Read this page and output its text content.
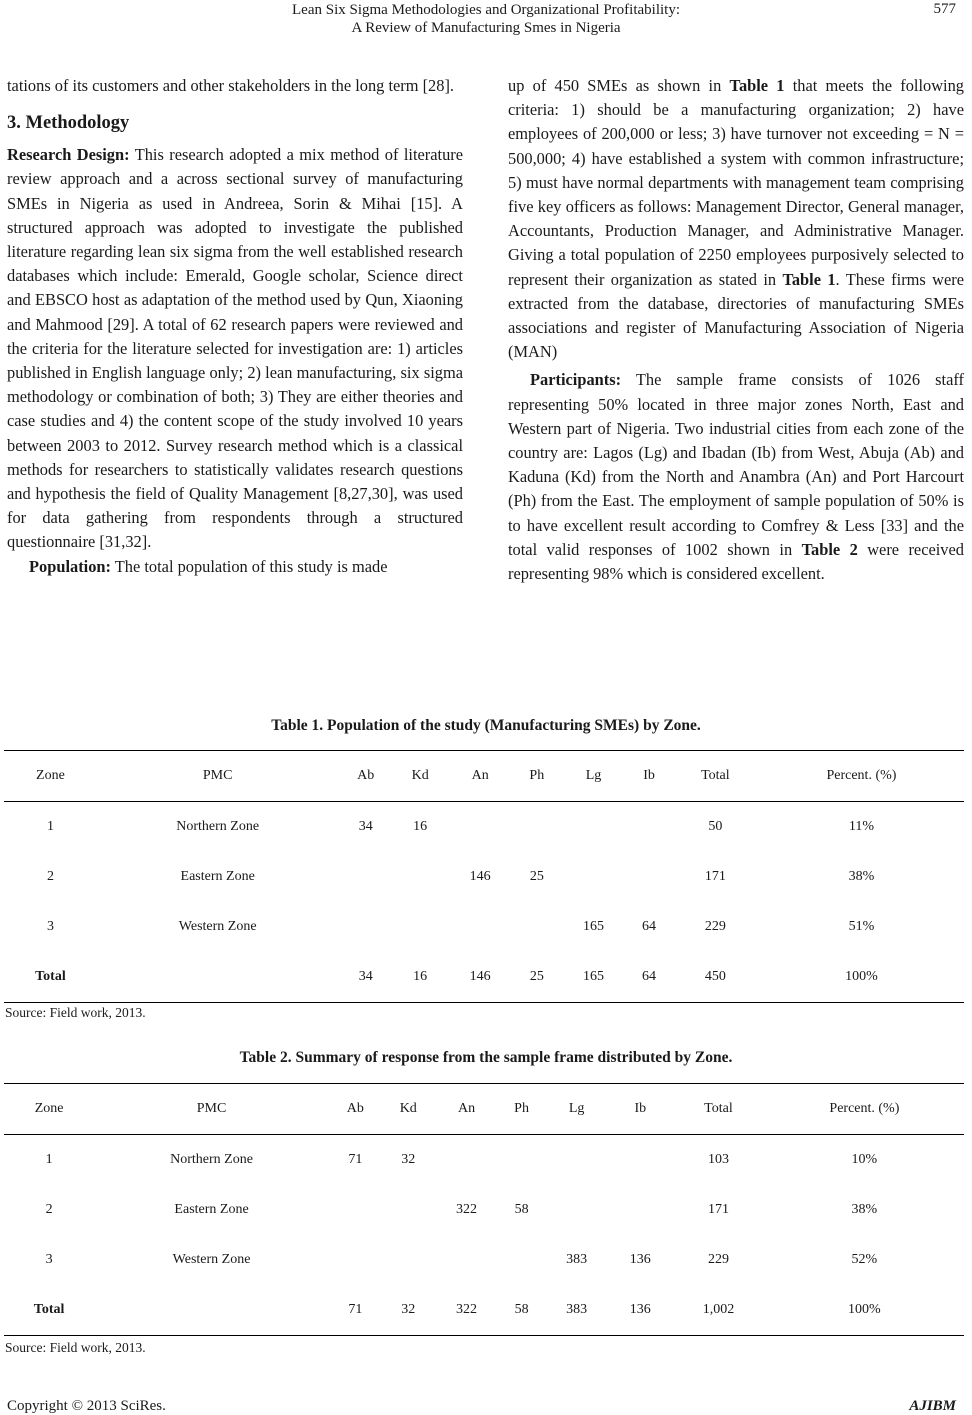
Lean Six Sigma Methodologies and Organizational Profitability:
A Review of Manufacturing Smes in Nigeria
577

tations of its customers and other stakeholders in the long term [28].

3. Methodology

Research Design: This research adopted a mix method of literature review approach and a across sectional survey of manufacturing SMEs in Nigeria as used in Andreea, Sorin & Mihai [15]. A structured approach was adopted to investigate the published literature regarding lean six sigma from the well established research databases which include: Emerald, Google scholar, Science direct and EBSCO host as adaptation of the method used by Qun, Xiaoning and Mahmood [29]. A total of 62 research papers were reviewed and the criteria for the literature selected for investigation are: 1) articles published in English language only; 2) lean manufacturing, six sigma methodology or combination of both; 3) They are either theories and case studies and 4) the content scope of the study involved 10 years between 2003 to 2012. Survey research method which is a classical methods for researchers to statistically validates research questions and hypothesis the field of Quality Management [8,27,30], was used for data gathering from respondents through a structured questionnaire [31,32].

Population: The total population of this study is made

up of 450 SMEs as shown in Table 1 that meets the following criteria: 1) should be a manufacturing organization; 2) have employees of 200,000 or less; 3) have turnover not exceeding = N = 500,000; 4) have established a system with common infrastructure; 5) must have normal departments with management team comprising five key officers as follows: Management Director, General manager, Accountants, Production Manager, and Administrative Manager. Giving a total population of 2250 employees purposively selected to represent their organization as stated in Table 1. These firms were extracted from the database, directories of manufacturing SMEs associations and register of Manufacturing Association of Nigeria (MAN)

Participants: The sample frame consists of 1026 staff representing 50% located in three major zones North, East and Western part of Nigeria. Two industrial cities from each zone of the country are: Lagos (Lg) and Ibadan (Ib) from West, Abuja (Ab) and Kaduna (Kd) from the North and Anambra (An) and Port Harcourt (Ph) from the East. The employment of sample population of 50% is to have excellent result according to Comfrey & Less [33] and the total valid responses of 1002 shown in Table 2 were received representing 98% which is considered excellent.

Table 1. Population of the study (Manufacturing SMEs) by Zone.
Zone	PMC	Ab	Kd	An	Ph	Lg	Ib	Total	Percent. (%)
1	Northern Zone	34	16					50	11%
2	Eastern Zone			146	25			171	38%
3	Western Zone					165	64	229	51%
Total		34	16	146	25	165	64	450	100%
Source: Field work, 2013.
Table 2. Summary of response from the sample frame distributed by Zone.
Zone	PMC	Ab	Kd	An	Ph	Lg	Ib	Total	Percent. (%)
1	Northern Zone	71	32					103	10%
2	Eastern Zone			322	58			171	38%
3	Western Zone					383	136	229	52%
Total		71	32	322	58	383	136	1,002	100%
Source: Field work, 2013.
Copyright © 2013 SciRes.	AJIBM
